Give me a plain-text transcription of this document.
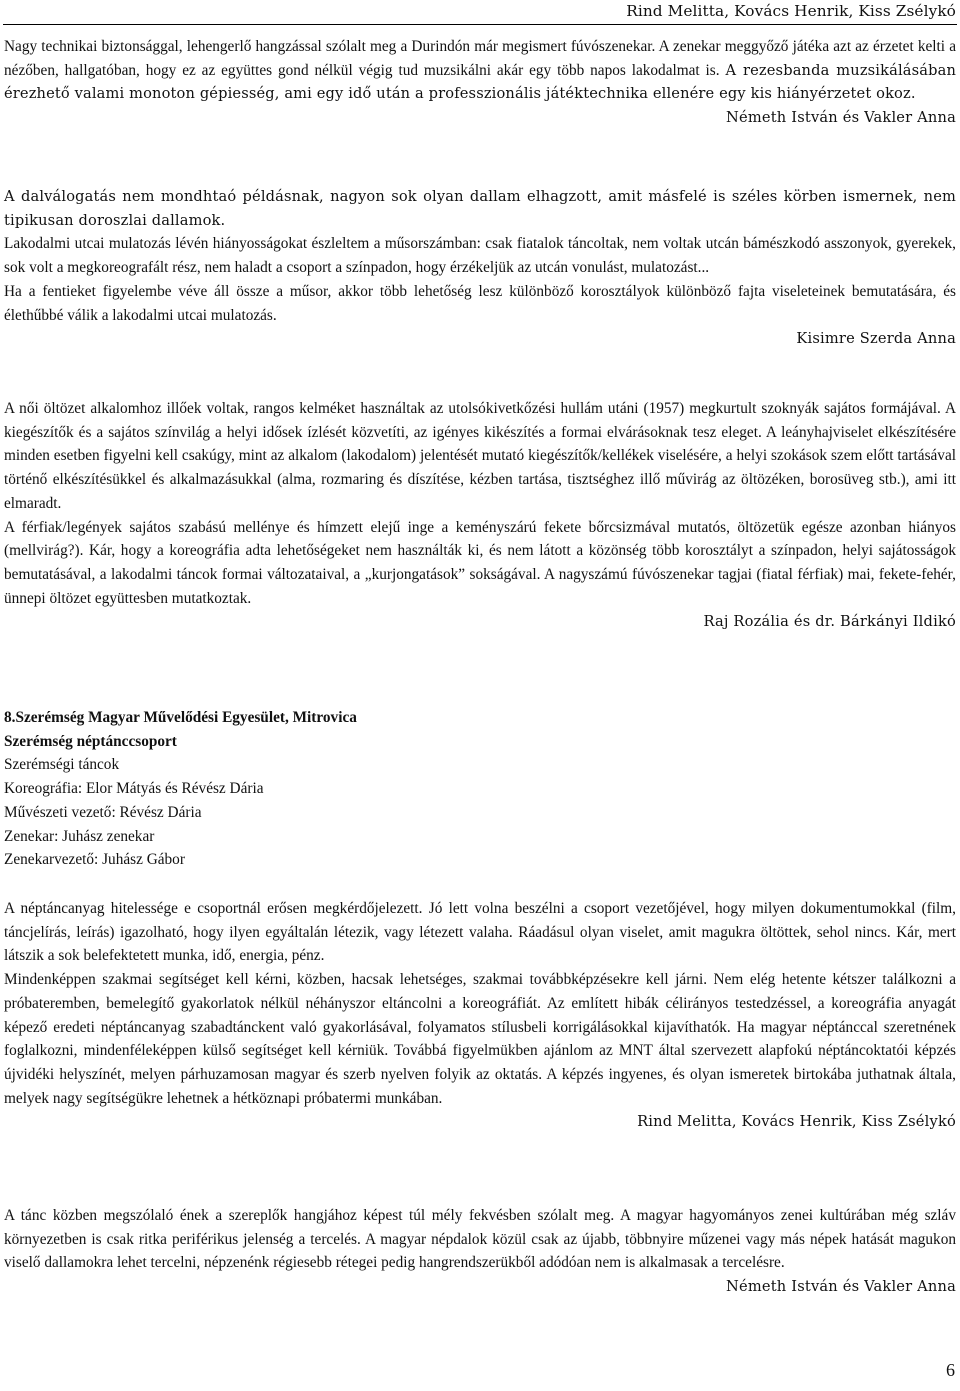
Rind Melitta, Kovács Henrik, Kiss Zsélykó

Nagy technikai biztonsággal, lehengerlő hangzással szólalt meg a Durindón már megismert fúvószenekar. A zenekar meggyőző játéka azt az érzetet kelti a nézőben, hallgatóban, hogy ez az együttes gond nélkül végig tud muzsikálni akár egy több napos lakodalmat is. A rezesbanda muzsikálásában érezhető valami monoton gépiesség, ami egy idő után a professzionális játéktechnika ellenére egy kis hiányérzetet okoz.

Németh István és Vakler Anna

A dalválogatás nem mondhtaó példásnak, nagyon sok olyan dallam elhagzott, amit másfelé is széles körben ismernek, nem tipikusan doroszlai dallamok.

Lakodalmi utcai mulatozás lévén hiányosságokat észleltem a műsorszámban: csak fiatalok táncoltak, nem voltak utcán bámészkodó asszonyok, gyerekek, sok volt a megkoreografált rész, nem haladt a csoport a színpadon, hogy érzékeljük az utcán vonulást, mulatozást...

Ha a fentieket figyelembe véve áll össze a műsor, akkor több lehetőség lesz különböző korosztályok különböző fajta viseleteinek bemutatására, és élethűbbé válik a lakodalmi utcai mulatozás.

Kisimre Szerda Anna

A női öltözet alkalomhoz illőek voltak, rangos kelméket használtak az utolsókivetkőzési hullám utáni (1957) megkurtult szoknyák sajátos formájával. A kiegészítők és a sajátos színvilág a helyi idősek ízlését közvetíti, az igényes kikészítés a formai elvárásoknak tesz eleget. A leányhajviselet elkészítésére minden esetben figyelni kell csakúgy, mint az alkalom (lakodalom) jelentését mutató kiegészítők/kellékek viselésére, a helyi szokások szem előtt tartásával történő elkészítésükkel és alkalmazásukkal (alma, rozmaring és díszítése, kézben tartása, tisztséghez illő művirág az öltözéken, borosüveg stb.), ami itt elmaradt.

A férfiak/legények sajátos szabású mellénye és hímzett elejű inge a keményszárú fekete bőrcsizmával mutatós, öltözetük egésze azonban hiányos (mellvirág?). Kár, hogy a koreográfia adta lehetőségeket nem használták ki, és nem látott a közönség több korosztályt a színpadon, helyi sajátosságok bemutatásával, a lakodalmi táncok formai változataival, a „kurjongatások” sokságával. A nagyszámú fúvószenekar tagjai (fiatal férfiak) mai, fekete-fehér, ünnepi öltözet együttesben mutatkoztak.

Raj Rozália és dr. Bárkányi Ildikó

8.Szerémség Magyar Művelődési Egyesület, Mitrovica
Szerémség néptánccsoport
Szerémségi táncok
Koreográfia: Elor Mátyás és Révész Dária
Művészeti vezető: Révész Dária
Zenekar: Juhász zenekar
Zenekarvezető: Juhász Gábor

A néptáncanyag hitelessége e csoportnál erősen megkérdőjelezett. Jó lett volna beszélni a csoport vezetőjével, hogy milyen dokumentumokkal (film, táncjelírás, leírás) igazolható, hogy ilyen egyáltalán létezik, vagy létezett valaha. Ráadásul olyan viselet, amit magukra öltöttek, sehol nincs. Kár, mert látszik a sok belefektetett munka, idő, energia, pénz.

Mindenképpen szakmai segítséget kell kérni, közben, hacsak lehetséges, szakmai továbbképzésekre kell járni. Nem elég hetente kétszer találkozni a próbateremben, bemelegítő gyakorlatok nélkül néhányszor eltáncolni a koreográfiát. Az említett hibák célirányos testedzéssel, a koreográfia anyagát képező eredeti néptáncanyag szabadtánckent való gyakorlásával, folyamatos stílusbeli korrigálásokkal kijavíthatók. Ha magyar néptánccal szeretnének foglalkozni, mindenféleképpen külső segítséget kell kérniük. Továbbá figyelmükben ajánlom az MNT által szervezett alapfokú néptáncoktatói képzés újvidéki helyszínét, melyen párhuzamosan magyar és szerb nyelven folyik az oktatás. A képzés ingyenes, és olyan ismeretek birtokába juthatnak általa, melyek nagy segítségükre lehetnek a hétköznapi próbatermi munkában.

Rind Melitta, Kovács Henrik, Kiss Zsélykó

A tánc közben megszólaló ének a szereplők hangjához képest túl mély fekvésben szólalt meg. A magyar hagyományos zenei kultúrában még szláv környezetben is csak ritka periférikus jelenség a tercelés. A magyar népdalok közül csak az újabb, többnyire műzenei vagy más népek hatását magukon viselő dallamokra lehet tercelni, népzenénk régiesebb rétegei pedig hangrendszerükből adódóan nem is alkalmasak a tercelésre.

Németh István és Vakler Anna

6
